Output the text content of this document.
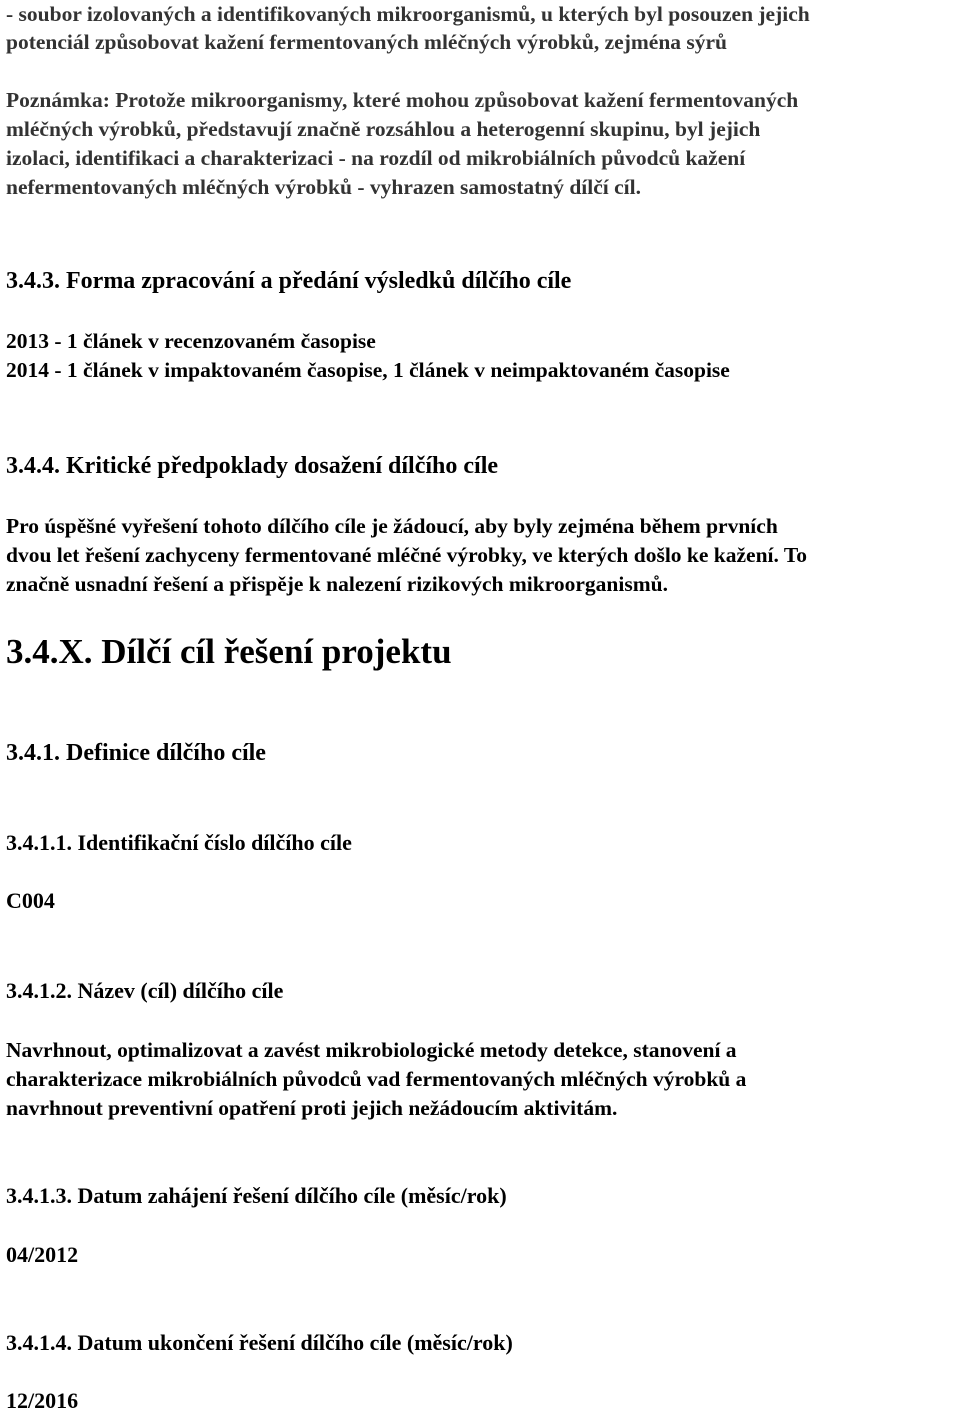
- soubor izolovaných a identifikovaných mikroorganismů, u kterých byl posouzen jejich
potenciál způsobovat kažení fermentovaných mléčných výrobků, zejména sýrů
Poznámka: Protože mikroorganismy, které mohou způsobovat kažení fermentovaných
mléčných výrobků, představují značně rozsáhlou a heterogenní skupinu, byl jejich
izolaci, identifikaci a charakterizaci - na rozdíl od mikrobiálních původců kažení
nefermentovaných mléčných výrobků - vyhrazen samostatný dílčí cíl.
3.4.3. Forma zpracování a předání výsledků dílčího cíle
2013 - 1 článek v recenzovaném časopise
2014 - 1 článek v impaktovaném časopise, 1 článek v neimpaktovaném časopise
3.4.4. Kritické předpoklady dosažení dílčího cíle
Pro úspěšné vyřešení tohoto dílčího cíle je žádoucí, aby byly zejména během prvních
dvou let řešení zachyceny fermentované mléčné výrobky, ve kterých došlo ke kažení. To
značně usnadní řešení a přispěje k nalezení rizikových mikroorganismů.
3.4.X. Dílčí cíl řešení projektu
3.4.1. Definice dílčího cíle
3.4.1.1. Identifikační číslo dílčího cíle
C004
3.4.1.2. Název (cíl) dílčího cíle
Navrhnout, optimalizovat a zavést mikrobiologické metody detekce, stanovení a
charakterizace mikrobiálních původců vad fermentovaných mléčných výrobků a
navrhnout preventivní opatření proti jejich nežádoucím aktivitám.
3.4.1.3. Datum zahájení řešení dílčího cíle (měsíc/rok)
04/2012
3.4.1.4. Datum ukončení řešení dílčího cíle (měsíc/rok)
12/2016
